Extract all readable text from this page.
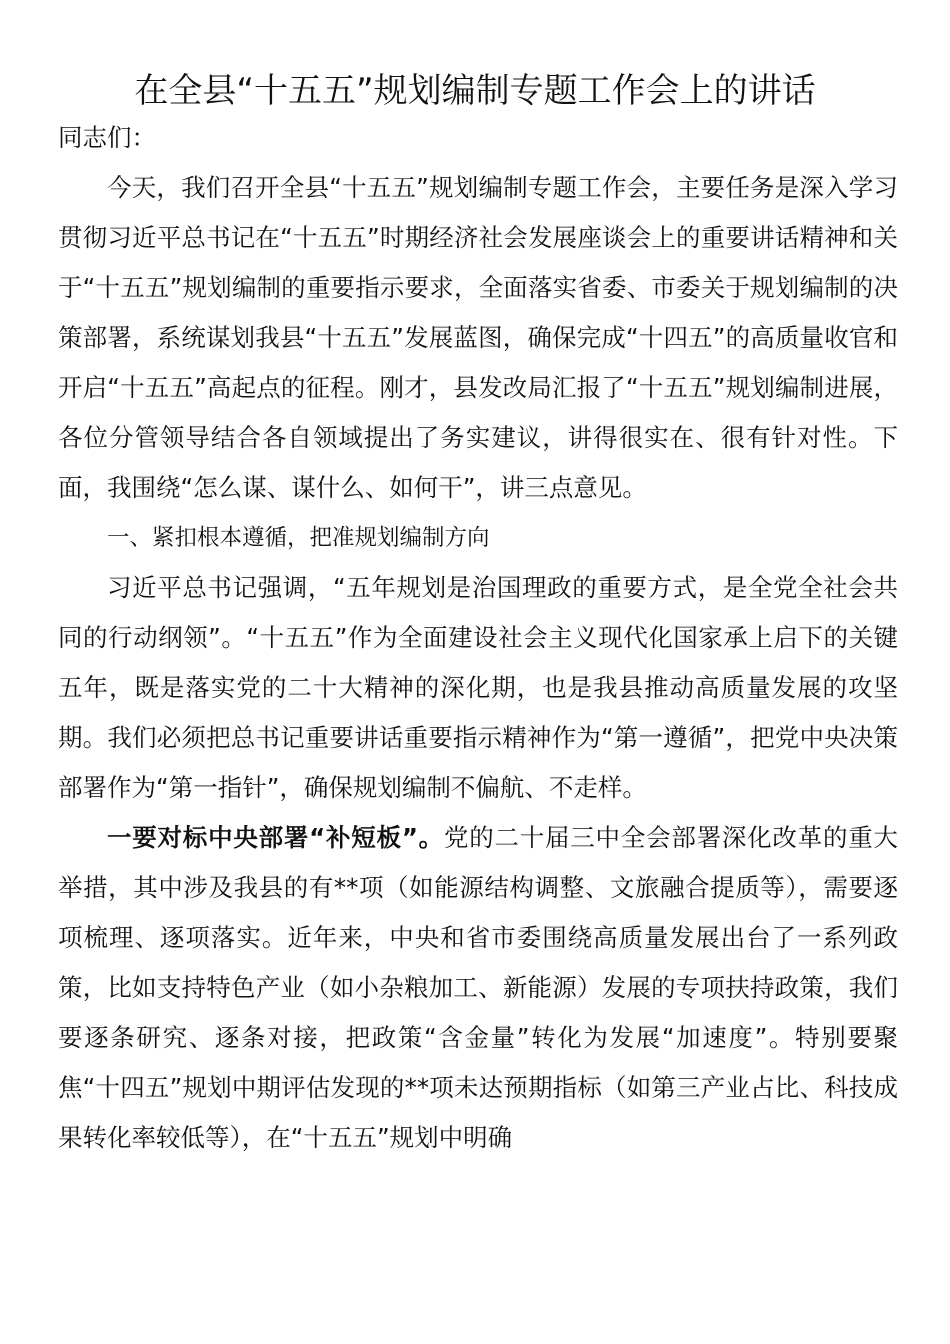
在全县“十五五”规划编制专题工作会上的讲话

同志们：

今天，我们召开全县“十五五”规划编制专题工作会，主要任务是深入学习贯彻习近平总书记在“十五五”时期经济社会发展座谈会上的重要讲话精神和关于“十五五”规划编制的重要指示要求，全面落实省委、市委关于规划编制的决策部署，系统谋划我县“十五五”发展蓝图，确保完成“十四五”的高质量收官和开启“十五五”高起点的征程。刚才，县发改局汇报了“十五五”规划编制进展，各位分管领导结合各自领域提出了务实建议，讲得很实在、很有针对性。下面，我围绕“怎么谋、谋什么、如何干”，讲三点意见。

一、紧扣根本遵循，把准规划编制方向

习近平总书记强调，“五年规划是治国理政的重要方式，是全党全社会共同的行动纲领”。“十五五”作为全面建设社会主义现代化国家承上启下的关键五年，既是落实党的二十大精神的深化期，也是我县推动高质量发展的攻坚期。我们必须把总书记重要讲话重要指示精神作为“第一遵循”，把党中央决策部署作为“第一指针”，确保规划编制不偏航、不走样。

一要对标中央部署“补短板”。党的二十届三中全会部署深化改革的重大举措，其中涉及我县的有**项（如能源结构调整、文旅融合提质等），需要逐项梳理、逐项落实。近年来，中央和省市委围绕高质量发展出台了一系列政策，比如支持特色产业（如小杂粮加工、新能源）发展的专项扶持政策，我们要逐条研究、逐条对接，把政策“含金量”转化为发展“加速度”。特别要聚焦“十四五”规划中期评估发现的**项未达预期指标（如第三产业占比、科技成果转化率较低等），在“十五五”规划中明确
